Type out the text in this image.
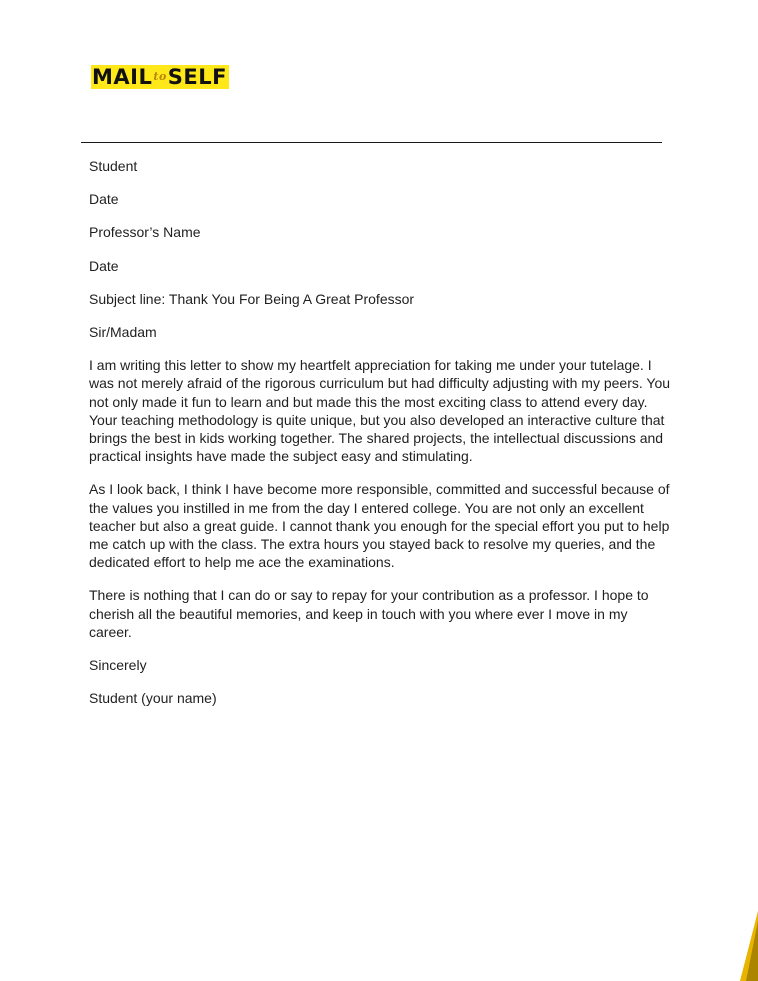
MAIL to SELF

Student

Date

Professor’s Name

Date

Subject line: Thank You For Being A Great Professor

Sir/Madam

I am writing this letter to show my heartfelt appreciation for taking me under your tutelage. I was not merely afraid of the rigorous curriculum but had difficulty adjusting with my peers. You not only made it fun to learn and but made this the most exciting class to attend every day. Your teaching methodology is quite unique, but you also developed an interactive culture that brings the best in kids working together. The shared projects, the intellectual discussions and practical insights have made the subject easy and stimulating.

As I look back, I think I have become more responsible, committed and successful because of the values you instilled in me from the day I entered college. You are not only an excellent teacher but also a great guide. I cannot thank you enough for the special effort you put to help me catch up with the class. The extra hours you stayed back to resolve my queries, and the dedicated effort to help me ace the examinations.

There is nothing that I can do or say to repay for your contribution as a professor. I hope to cherish all the beautiful memories, and keep in touch with you where ever I move in my career.

Sincerely

Student (your name)
